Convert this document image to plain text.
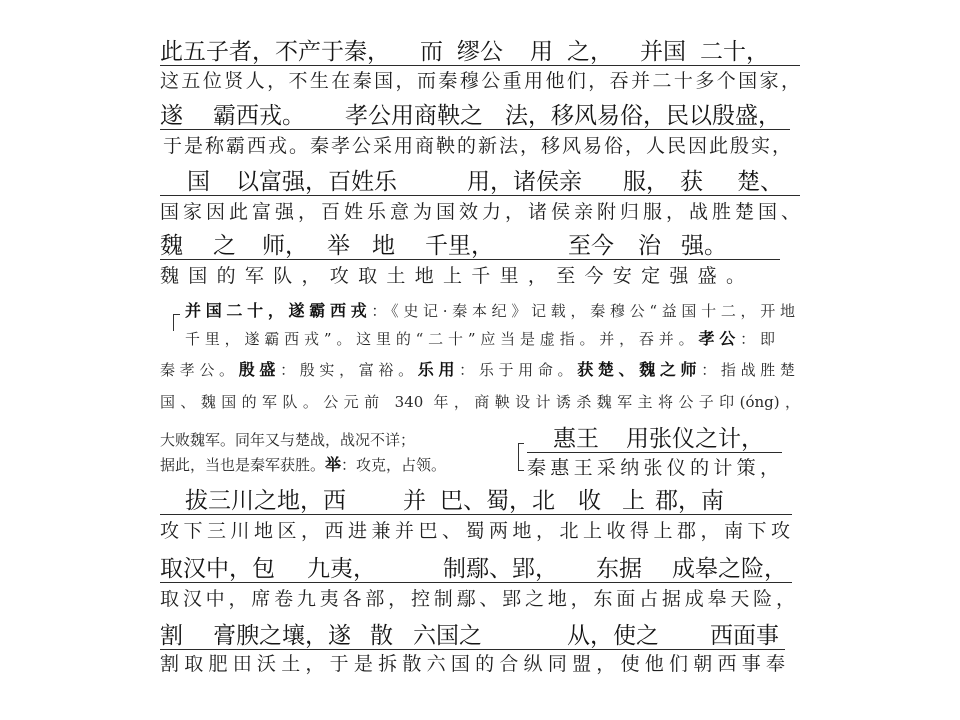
此五子者，不产于秦， 而 缪公 用 之， 并国 二十，
这五位贤人，不生在秦国，而秦穆公重用他们，吞并二十多个国家，
遂 霸西戎。 孝公用商鞅之 法，移风易俗，民以殷盛，
于是称霸西戎。秦孝公采用商鞅的新法，移风易俗，人民因此殷实，
国 以富强，百姓乐	用，诸侯亲 服， 获 楚、
国家因此富强，百姓乐意为国效力，诸侯亲附归服，战胜楚国、
魏 之 师， 举 地 千里，	至今 治 强。
魏国的军队，攻取土地上千里，至今安定强盛。
并国二十，遂霸西戎：《史记·秦本纪》记载，秦穆公“益国十二，开地
千里，遂霸西戎”。这里的“二十”应当是虚指。并，吞并。孝公：即
秦孝公。殷盛：殷实，富裕。乐用：乐于用命。获楚、魏之师：指战胜楚
国、魏国的军队。公元前 340 年，商鞅设计诱杀魏军主将公子印(óng)，
大败魏军。同年又与楚战，战况不详；
据此，当也是秦军获胜。举：攻克，占领。
惠王 用张仪之计，
秦惠王采纳张仪的计策，
拔三川之地，西 并 巴、蜀，北 收 上 郡，南
攻下三川地区，西进兼并巴、蜀两地，北上收得上郡，南下攻
取汉中，包 九夷，	制鄢、郢， 东据 成皋之险，
取汉中，席卷九夷各部，控制鄢、郢之地，东面占据成皋天险，
割 膏腴之壤，遂 散 六国之	从，使之 西面事
割取肥田沃土，于是拆散六国的合纵同盟，使他们朝西事奉
